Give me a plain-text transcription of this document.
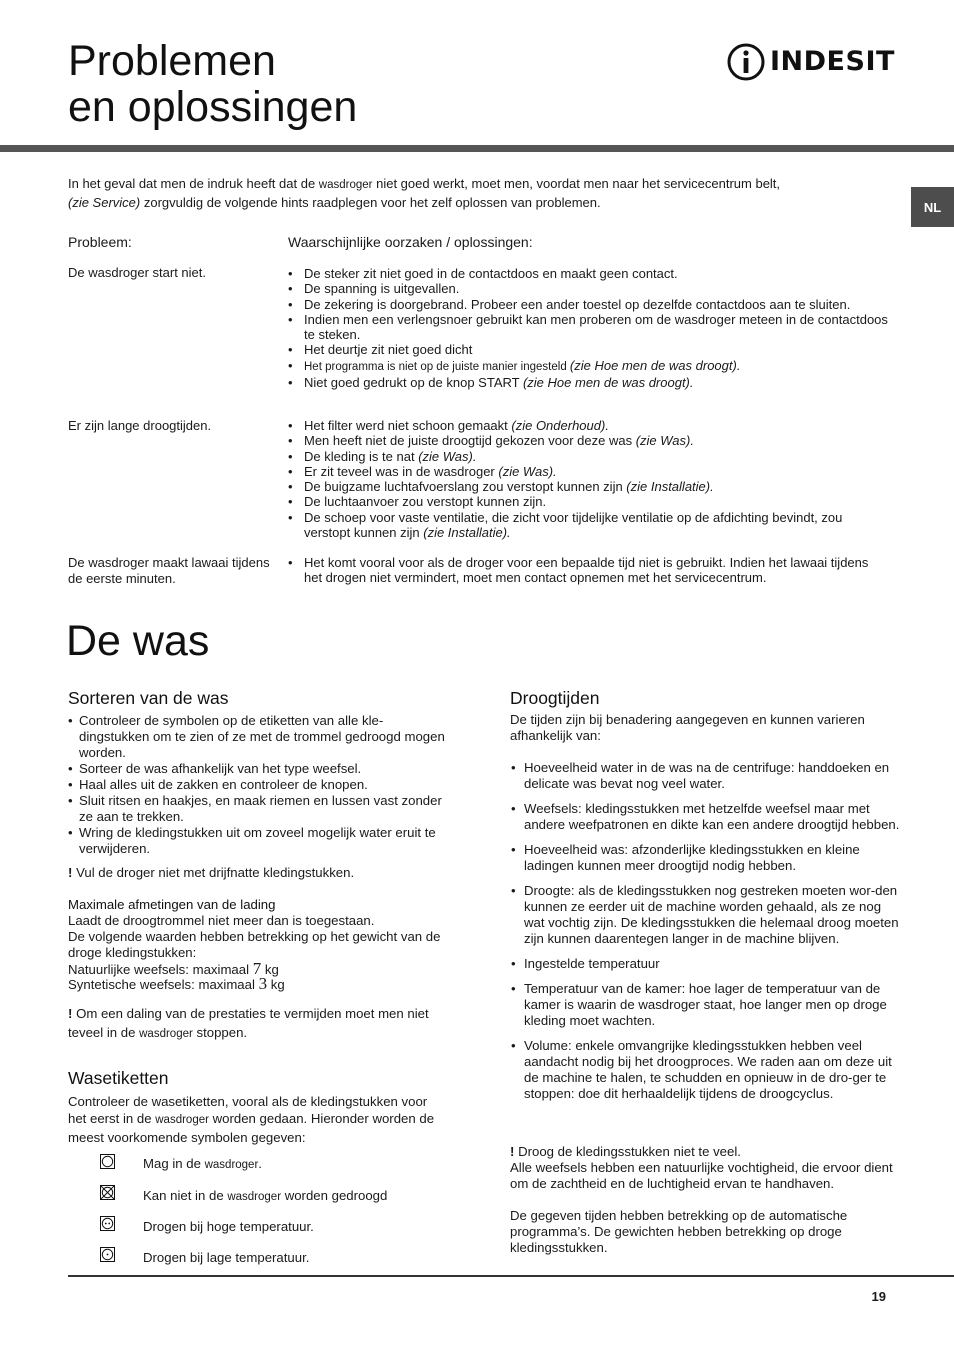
Problemen
en oplossingen
INDESIT
NL
In het geval dat men de indruk heeft dat de wasdroger niet goed werkt, moet men, voordat men naar het servicecentrum belt,
(zie Service) zorgvuldig de volgende hints raadplegen voor het zelf oplossen van problemen.
Probleem:	Waarschijnlijke oorzaken / oplossingen:
De wasdroger start niet.	• De steker zit niet goed in de contactdoos en maakt geen contact.
• De spanning is uitgevallen.
• De zekering is doorgebrand. Probeer een ander toestel op dezelfde contactdoos aan te sluiten.
• Indien men een verlengsnoer gebruikt kan men proberen om de wasdroger meteen in de contactdoos te steken.
• Het deurtje zit niet goed dicht
• Het programma is niet op de juiste manier ingesteld (zie Hoe men de was droogt).
• Niet goed gedrukt op de knop START (zie Hoe men de was droogt).
Er zijn lange droogtijden.	• Het filter werd niet schoon gemaakt (zie Onderhoud).
• Men heeft niet de juiste droogtijd gekozen voor deze was (zie Was).
• De kleding is te nat (zie Was).
• Er zit teveel was in de wasdroger (zie Was).
• De buigzame luchtafvoerslang zou verstopt kunnen zijn (zie Installatie).
• De luchtaanvoer zou verstopt kunnen zijn.
• De schoep voor vaste ventilatie, die zicht voor tijdelijke ventilatie op de afdichting bevindt, zou verstopt kunnen zijn (zie Installatie).
De wasdroger maakt lawaai tijdens de eerste minuten.
• Het komt vooral voor als de droger voor een bepaalde tijd niet is gebruikt. Indien het lawaai tijdens het drogen niet vermindert, moet men contact opnemen met het servicecentrum.
De was
Sorteren van de was
• Controleer de symbolen op de etiketten van alle kle-dingstukken om te zien of ze met de trommel gedroogd mogen worden.
• Sorteer de was afhankelijk van het type weefsel.
• Haal alles uit de zakken en controleer de knopen.
• Sluit ritsen en haakjes, en maak riemen en lussen vast zonder ze aan te trekken.
• Wring de kledingstukken uit om zoveel mogelijk water eruit te verwijderen.
! Vul de droger niet met drijfnatte kledingstukken.
Maximale afmetingen van de lading
Laadt de droogtrommel niet meer dan is toegestaan.
De volgende waarden hebben betrekking op het gewicht van de droge kledingstukken:
Natuurlijke weefsels: maximaal 7 kg
Syntetische weefsels: maximaal 3 kg
! Om een daling van de prestaties te vermijden moet men niet teveel in de wasdroger stoppen.
Wasetiketten
Controleer de wasetiketten, vooral als de kledingstukken voor het eerst in de wasdroger worden gedaan. Hieronder worden de meest voorkomende symbolen gegeven:
Mag in de wasdroger.
Kan niet in de wasdroger worden gedroogd
Drogen bij hoge temperatuur.
Drogen bij lage temperatuur.
Droogtijden
De tijden zijn bij benadering aangegeven en kunnen varieren afhankelijk van:
• Hoeveelheid water in de was na de centrifuge: handdoeken en delicate was bevat nog veel water.
• Weefsels: kledingsstukken met hetzelfde weefsel maar met andere weefpatronen en dikte kan een andere droogtijd hebben.
• Hoeveelheid was: afzonderlijke kledingsstukken en kleine ladingen kunnen meer droogtijd nodig hebben.
• Droogte: als de kledingsstukken nog gestreken moeten wor-den kunnen ze eerder uit de machine worden gehaald, als ze nog wat vochtig zijn. De kledingsstukken die helemaal droog moeten zijn kunnen daarentegen langer in de machine blijven.
• Ingestelde temperatuur
• Temperatuur van de kamer: hoe lager de temperatuur van de kamer is waarin de wasdroger staat, hoe langer men op droge kleding moet wachten.
• Volume: enkele omvangrijke kledingsstukken hebben veel aandacht nodig bij het droogproces. We raden aan om deze uit de machine te halen, te schudden en opnieuw in de dro-ger te stoppen: doe dit herhaaldelijk tijdens de droogcyclus.
! Droog de kledingsstukken niet te veel.
Alle weefsels hebben een natuurlijke vochtigheid, die ervoor dient om de zachtheid en de luchtigheid ervan te handhaven.
De gegeven tijden hebben betrekking op de automatische programma’s. De gewichten hebben betrekking op droge kledingsstukken.
19
